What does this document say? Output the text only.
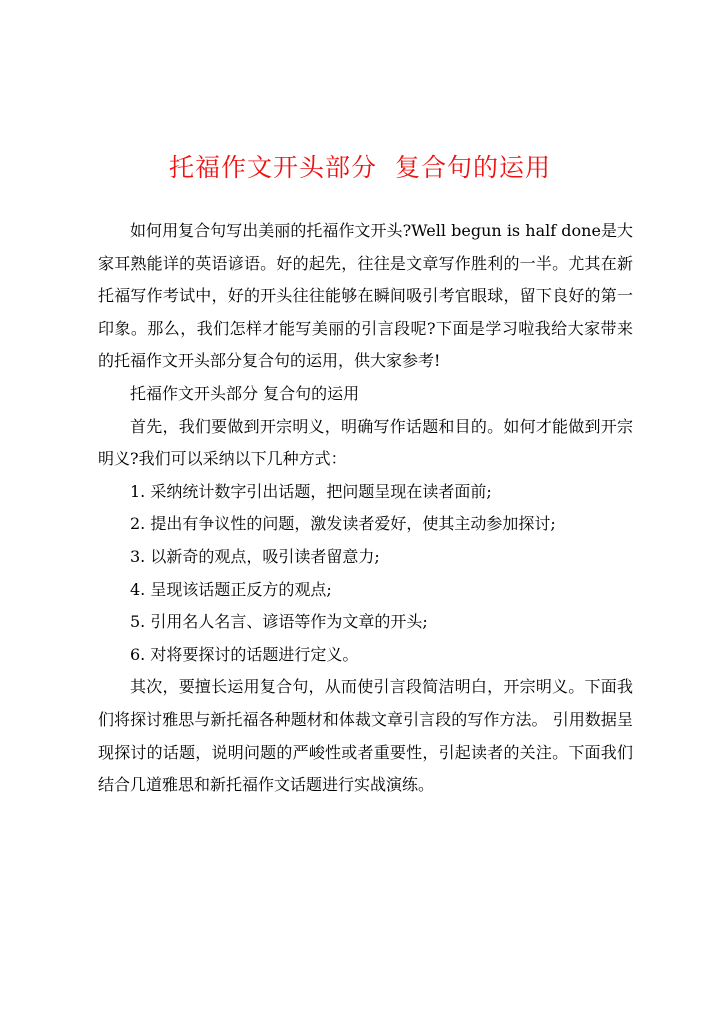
托福作文开头部分  复合句的运用

如何用复合句写出美丽的托福作文开头?Well begun is half done是大家耳熟能详的英语谚语。好的起先，往往是文章写作胜利的一半。尤其在新托福写作考试中，好的开头往往能够在瞬间吸引考官眼球，留下良好的第一印象。那么，我们怎样才能写美丽的引言段呢?下面是学习啦我给大家带来的托福作文开头部分复合句的运用，供大家参考!

托福作文开头部分 复合句的运用

首先，我们要做到开宗明义，明确写作话题和目的。如何才能做到开宗明义?我们可以采纳以下几种方式：

1. 采纳统计数字引出话题，把问题呈现在读者面前;

2. 提出有争议性的问题，激发读者爱好，使其主动参加探讨;

3. 以新奇的观点，吸引读者留意力;

4. 呈现该话题正反方的观点;

5. 引用名人名言、谚语等作为文章的开头;

6. 对将要探讨的话题进行定义。

其次，要擅长运用复合句，从而使引言段简洁明白，开宗明义。下面我们将探讨雅思与新托福各种题材和体裁文章引言段的写作方法。 引用数据呈现探讨的话题，说明问题的严峻性或者重要性，引起读者的关注。下面我们结合几道雅思和新托福作文话题进行实战演练。
